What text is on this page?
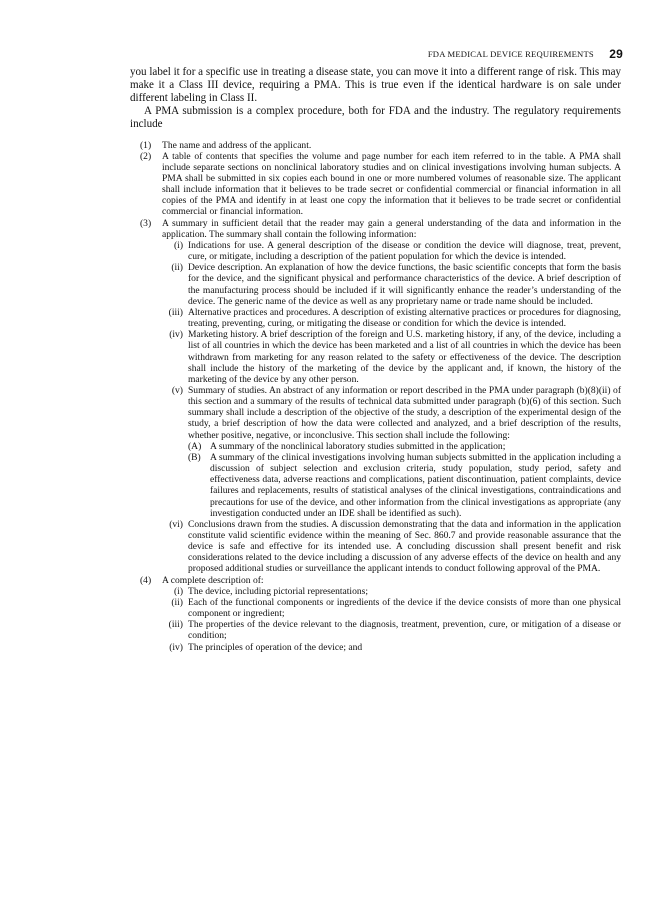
FDA MEDICAL DEVICE REQUIREMENTS 29

you label it for a specific use in treating a disease state, you can move it into a different range of risk. This may make it a Class III device, requiring a PMA. This is true even if the identical hardware is on sale under different labeling in Class II.

A PMA submission is a complex procedure, both for FDA and the industry. The regulatory requirements include

(1)	The name and address of the applicant.
(2)	A table of contents that specifies the volume and page number for each item referred to in the table. A PMA shall include separate sections on nonclinical laboratory studies and on clinical investigations involving human subjects. A PMA shall be submitted in six copies each bound in one or more numbered volumes of reasonable size. The applicant shall include information that it believes to be trade secret or confidential commercial or financial information in all copies of the PMA and identify in at least one copy the information that it believes to be trade secret or confidential commercial or financial information.
(3)	A summary in sufficient detail that the reader may gain a general understanding of the data and information in the application. The summary shall contain the following information:
(i) Indications for use. A general description of the disease or condition the device will diagnose, treat, prevent, cure, or mitigate, including a description of the patient population for which the device is intended.
(ii) Device description. An explanation of how the device functions, the basic scientific concepts that form the basis for the device, and the significant physical and performance characteristics of the device. A brief description of the manufacturing process should be included if it will significantly enhance the reader’s understanding of the device. The generic name of the device as well as any proprietary name or trade name should be included.
(iii) Alternative practices and procedures. A description of existing alternative practices or procedures for diagnosing, treating, preventing, curing, or mitigating the disease or condition for which the device is intended.
(iv) Marketing history. A brief description of the foreign and U.S. marketing history, if any, of the device, including a list of all countries in which the device has been marketed and a list of all countries in which the device has been withdrawn from marketing for any reason related to the safety or effectiveness of the device. The description shall include the history of the marketing of the device by the applicant and, if known, the history of the marketing of the device by any other person.
(v) Summary of studies. An abstract of any information or report described in the PMA under paragraph (b)(8)(ii) of this section and a summary of the results of technical data submitted under paragraph (b)(6) of this section. Such summary shall include a description of the objective of the study, a description of the experimental design of the study, a brief description of how the data were collected and analyzed, and a brief description of the results, whether positive, negative, or inconclusive. This section shall include the following:
(A) A summary of the nonclinical laboratory studies submitted in the application;
(B) A summary of the clinical investigations involving human subjects submitted in the application including a discussion of subject selection and exclusion criteria, study population, study period, safety and effectiveness data, adverse reactions and complications, patient discontinuation, patient complaints, device failures and replacements, results of statistical analyses of the clinical investigations, contraindications and precautions for use of the device, and other information from the clinical investigations as appropriate (any investigation conducted under an IDE shall be identified as such).
(vi) Conclusions drawn from the studies. A discussion demonstrating that the data and information in the application constitute valid scientific evidence within the meaning of Sec. 860.7 and provide reasonable assurance that the device is safe and effective for its intended use. A concluding discussion shall present benefit and risk considerations related to the device including a discussion of any adverse effects of the device on health and any proposed additional studies or surveillance the applicant intends to conduct following approval of the PMA.
(4)	A complete description of:
(i) The device, including pictorial representations;
(ii) Each of the functional components or ingredients of the device if the device consists of more than one physical component or ingredient;
(iii) The properties of the device relevant to the diagnosis, treatment, prevention, cure, or mitigation of a disease or condition;
(iv) The principles of operation of the device; and
